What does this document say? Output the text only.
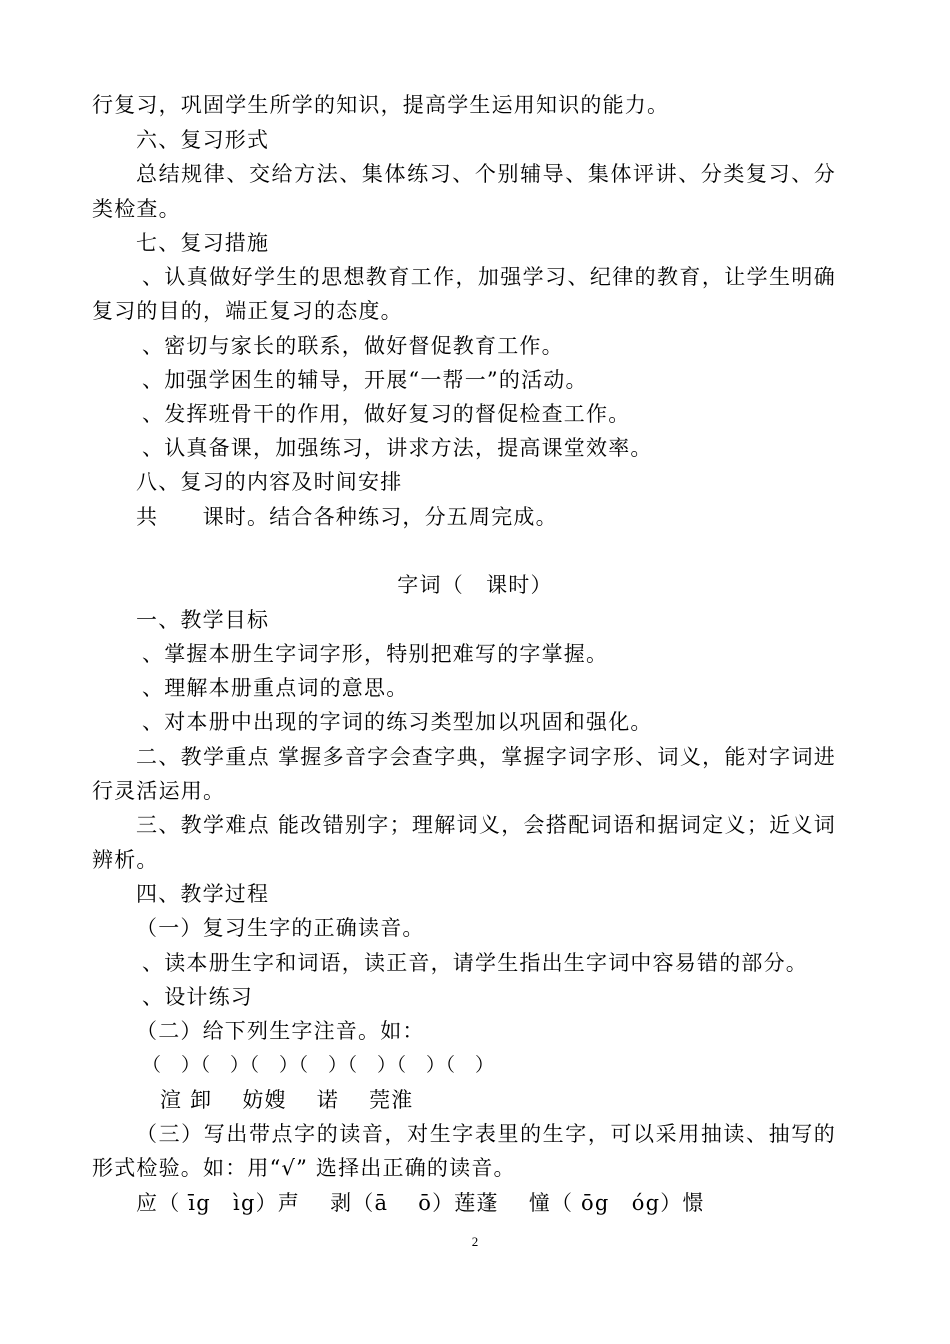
行复习，巩固学生所学的知识，提高学生运用知识的能力。
六、复习形式
总结规律、交给方法、集体练习、个别辅导、集体评讲、分类复习、分
类检查。
七、复习措施
、认真做好学生的思想教育工作，加强学习、纪律的教育，让学生明确
复习的目的，端正复习的态度。
、密切与家长的联系，做好督促教育工作。
、加强学困生的辅导，开展“一帮一”的活动。
、发挥班骨干的作用，做好复习的督促检查工作。
、认真备课，加强练习，讲求方法，提高课堂效率。
八、复习的内容及时间安排
共　　课时。结合各种练习，分五周完成。
字词（　课时）
一、教学目标
、掌握本册生字词字形，特别把难写的字掌握。
、理解本册重点词的意思。
、对本册中出现的字词的练习类型加以巩固和强化。
二、教学重点 掌握多音字会查字典，掌握字词字形、词义，能对字词进
行灵活运用。
三、教学难点 能改错别字；理解词义，会搭配词语和据词定义；近义词
辨析。
四、教学过程
（一）复习生字的正确读音。
、读本册生字和词语，读正音，请学生指出生字词中容易错的部分。
、设计练习
（二）给下列生字注音。如：
（　）（　）（　）（　）（　）（　）（　）
渲 卸　 妨嫂　 诺　 莞淮
（三）写出带点字的读音，对生字表里的生字，可以采用抽读、抽写的
形式检验。如：用“√” 选择出正确的读音。
应（ īg　ìg）声　 剥（ā　 ō）莲蓬　 憧（ ōg　óg）憬
2
